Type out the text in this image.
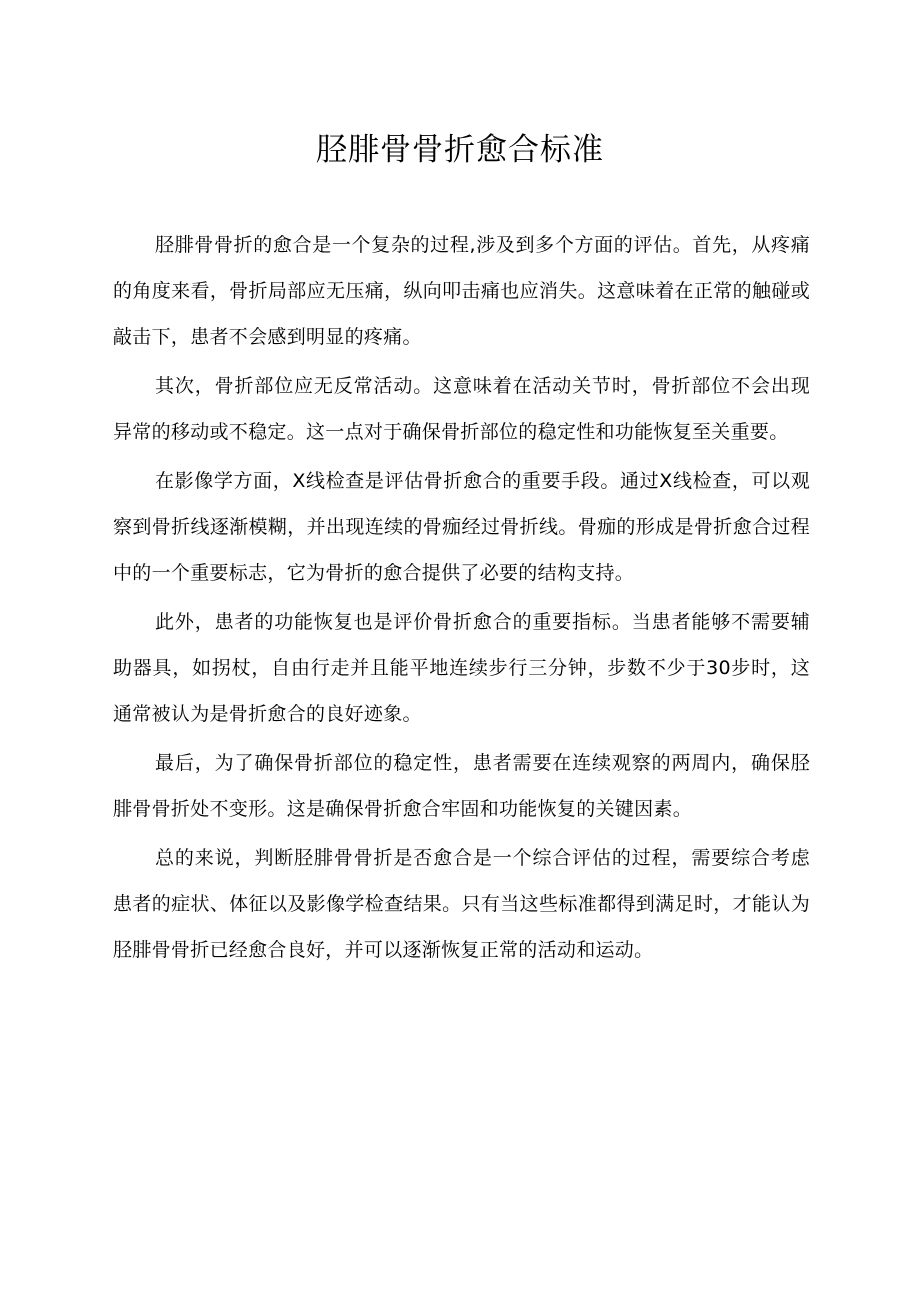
胫腓骨骨折愈合标准

胫腓骨骨折的愈合是一个复杂的过程,涉及到多个方面的评估。首先，从疼痛的角度来看，骨折局部应无压痛，纵向叩击痛也应消失。这意味着在正常的触碰或敲击下，患者不会感到明显的疼痛。

其次，骨折部位应无反常活动。这意味着在活动关节时，骨折部位不会出现异常的移动或不稳定。这一点对于确保骨折部位的稳定性和功能恢复至关重要。

在影像学方面，X线检查是评估骨折愈合的重要手段。通过X线检查，可以观察到骨折线逐渐模糊，并出现连续的骨痂经过骨折线。骨痂的形成是骨折愈合过程中的一个重要标志，它为骨折的愈合提供了必要的结构支持。

此外，患者的功能恢复也是评价骨折愈合的重要指标。当患者能够不需要辅助器具，如拐杖，自由行走并且能平地连续步行三分钟，步数不少于30步时，这通常被认为是骨折愈合的良好迹象。

最后，为了确保骨折部位的稳定性，患者需要在连续观察的两周内，确保胫腓骨骨折处不变形。这是确保骨折愈合牢固和功能恢复的关键因素。

总的来说，判断胫腓骨骨折是否愈合是一个综合评估的过程，需要综合考虑患者的症状、体征以及影像学检查结果。只有当这些标准都得到满足时，才能认为胫腓骨骨折已经愈合良好，并可以逐渐恢复正常的活动和运动。
